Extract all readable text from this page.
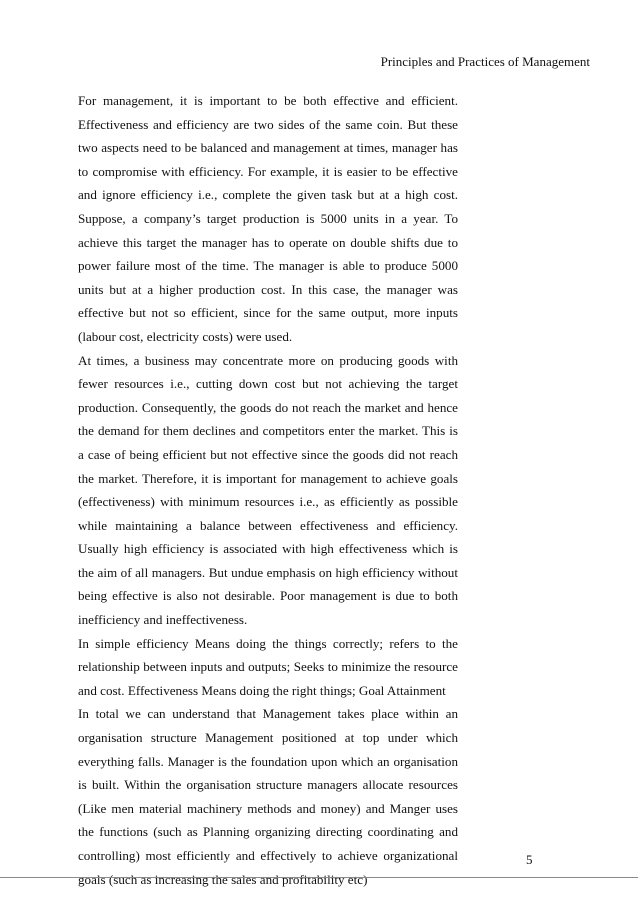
Principles and Practices of Management

For management, it is important to be both effective and efficient. Effectiveness and efficiency are two sides of the same coin. But these two aspects need to be balanced and management at times, manager has to compromise with efficiency. For example, it is easier to be effective and ignore efficiency i.e., complete the given task but at a high cost. Suppose, a company’s target production is 5000 units in a year. To achieve this target the manager has to operate on double shifts due to power failure most of the time. The manager is able to produce 5000 units but at a higher production cost. In this case, the manager was effective but not so efficient, since for the same output, more inputs (labour cost, electricity costs) were used.

At times, a business may concentrate more on producing goods with fewer resources i.e., cutting down cost but not achieving the target production. Consequently, the goods do not reach the market and hence the demand for them declines and competitors enter the market. This is a case of being efficient but not effective since the goods did not reach the market. Therefore, it is important for management to achieve goals (effectiveness) with minimum resources i.e., as efficiently as possible while maintaining a balance between effectiveness and efficiency. Usually high efficiency is associated with high effectiveness which is the aim of all managers. But undue emphasis on high efficiency without being effective is also not desirable. Poor management is due to both inefficiency and ineffectiveness.

In simple efficiency Means doing the things correctly; refers to the relationship between inputs and outputs; Seeks to minimize the resource and cost. Effectiveness Means doing the right things; Goal Attainment

In total we can understand that Management takes place within an organisation structure Management positioned at top under which everything falls. Manager is the foundation upon which an organisation is built. Within the organisation structure managers allocate resources (Like men material machinery methods and money) and Manger uses the functions (such as Planning organizing directing coordinating and controlling) most efficiently and effectively to achieve organizational goals (such as increasing the sales and profitability etc)

5
